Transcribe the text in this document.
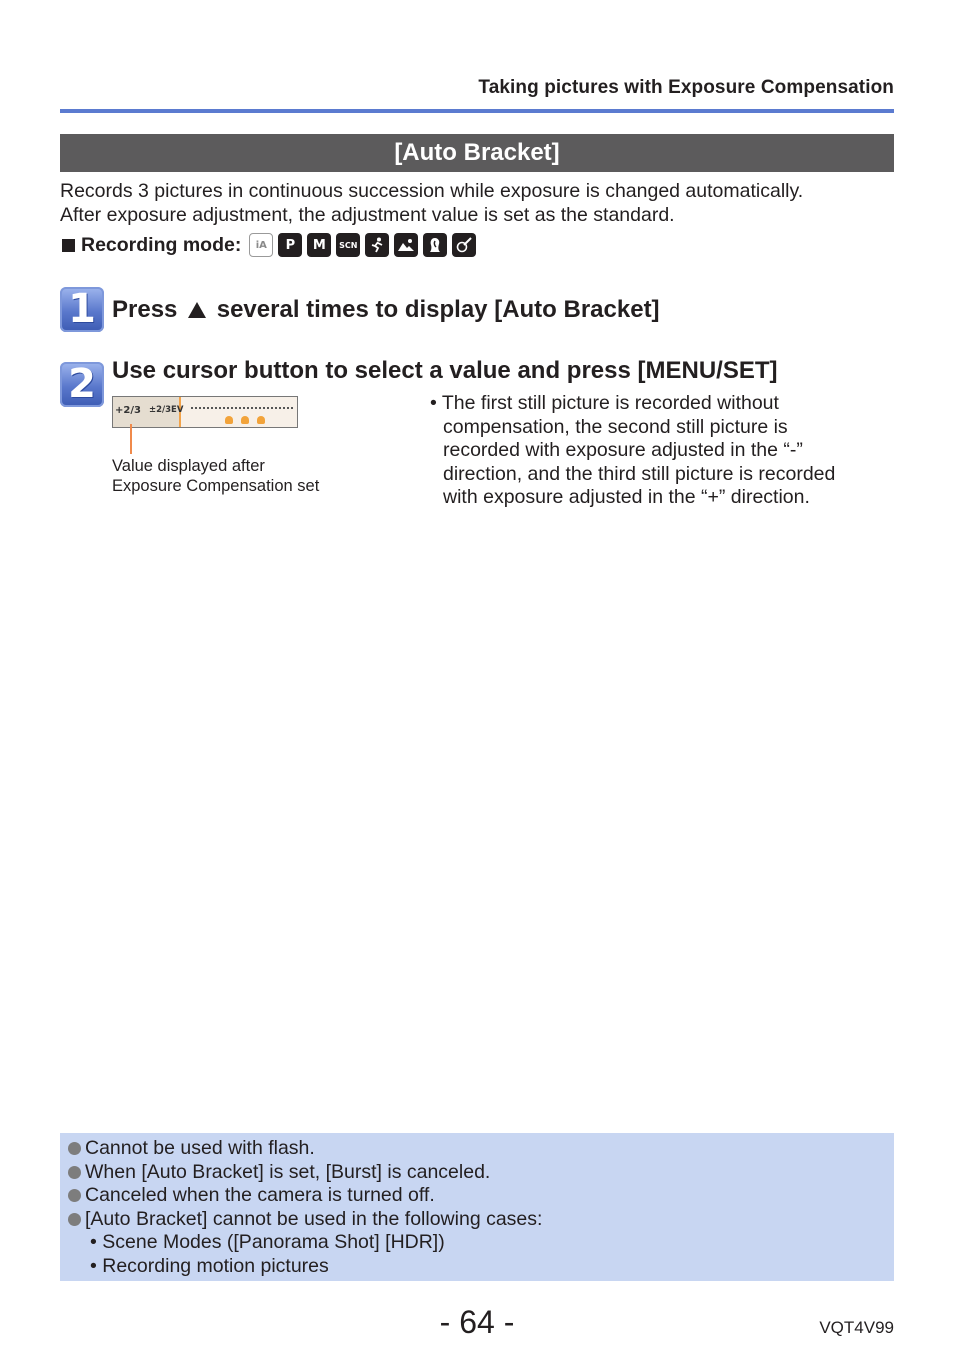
Taking pictures with Exposure Compensation
[Auto Bracket]
Records 3 pictures in continuous succession while exposure is changed automatically.
After exposure adjustment, the adjustment value is set as the standard.
Recording mode:	iA	P	M	SCN
1 Press several times to display [Auto Bracket]
2 Use cursor button to select a value and press [MENU/SET]
+2/3 ±2/3EV
Value displayed after
Exposure Compensation set
• The first still picture is recorded without compensation, the second still picture is recorded with exposure adjusted in the “-” direction, and the third still picture is recorded with exposure adjusted in the “+” direction.
Cannot be used with flash.
When [Auto Bracket] is set, [Burst] is canceled.
Canceled when the camera is turned off.
[Auto Bracket] cannot be used in the following cases:
• Scene Modes ([Panorama Shot] [HDR])
• Recording motion pictures
- 64 -	VQT4V99
